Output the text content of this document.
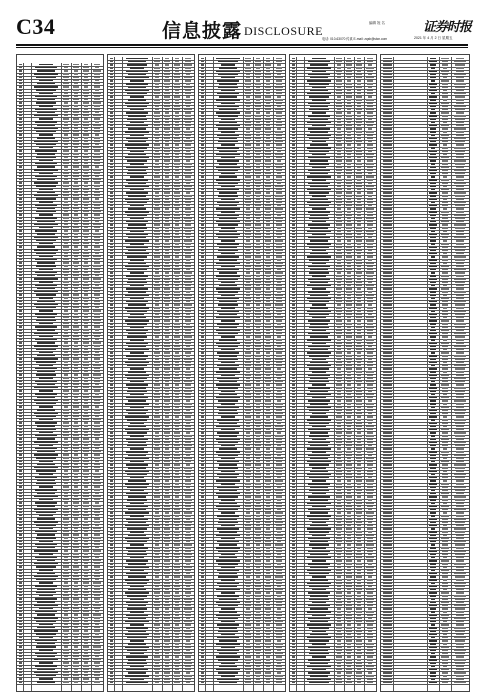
C34	信息披露 DISCLOSURE
编辑 姓 名
电话: 010-63070 传真 E-mail: zqsb@stcn.com	2021 年 4 月 2 日 星期五
证券时报
